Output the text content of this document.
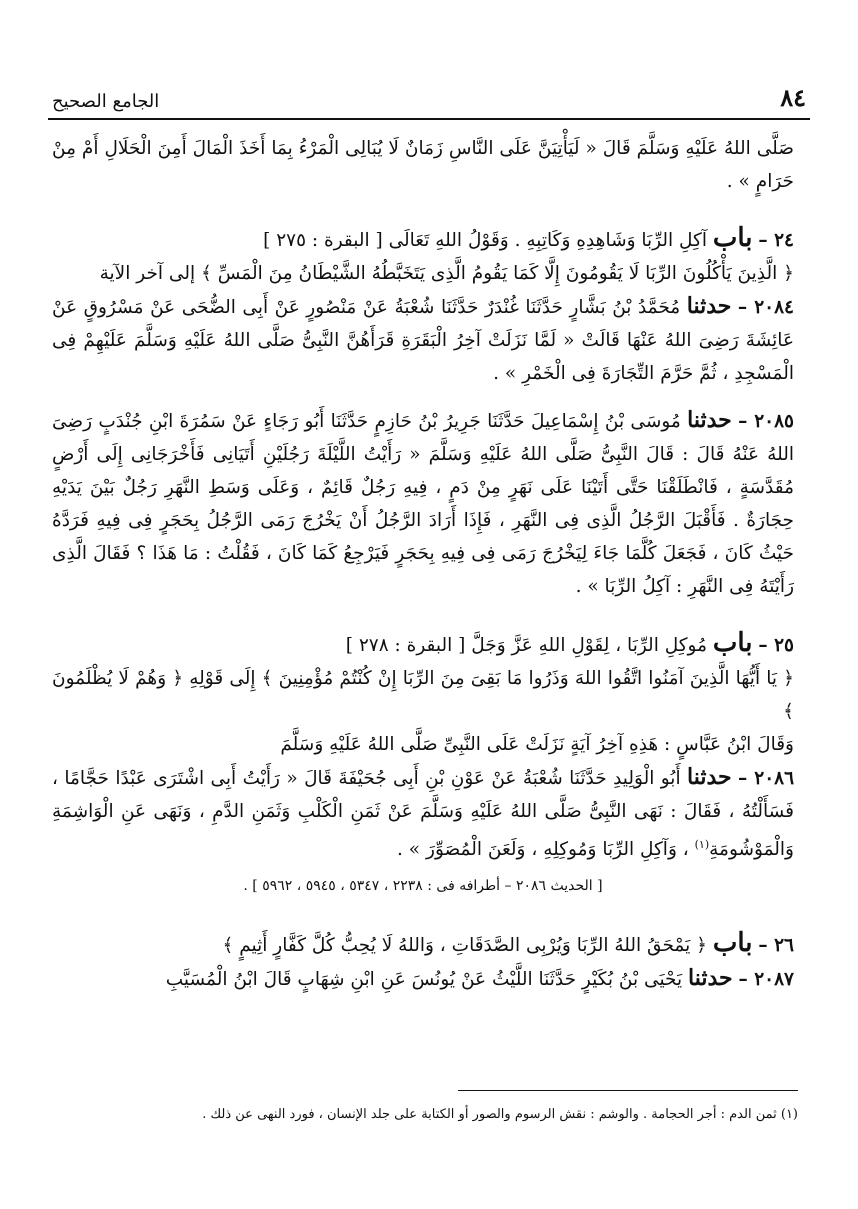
٨٤
الجامع الصحيح

صَلَّى اللهُ عَلَيْهِ وَسَلَّمَ قَالَ « لَيَأْتِيَنَّ عَلَى النَّاسِ زَمَانٌ لَا يُبَالِى الْمَرْءُ بِمَا أَخَذَ الْمَالَ أَمِنَ الْحَلَالِ أَمْ مِنْ حَرَامٍ » .

٢٤ – باب آكِلِ الرِّبَا وَشَاهِدِهِ وَكَاتِبِهِ . وَقَوْلُ اللهِ تَعَالَى [ البقرة : ٢٧٥ ]

﴿ الَّذِينَ يَأْكُلُونَ الرِّبَا لَا يَقُومُونَ إِلَّا كَمَا يَقُومُ الَّذِى يَتَخَبَّطُهُ الشَّيْطَانُ مِنَ الْمَسِّ ﴾ إلى آخر الآية

٢٠٨٤ – حدثنا مُحَمَّدُ بْنُ بَشَّارٍ حَدَّثَنَا غُنْدَرٌ حَدَّثَنَا شُعْبَةُ عَنْ مَنْصُورٍ عَنْ أَبِى الضُّحَى عَنْ مَسْرُوقٍ عَنْ عَائِشَةَ رَضِىَ اللهُ عَنْهَا قَالَتْ « لَمَّا نَزَلَتْ آخِرُ الْبَقَرَةِ قَرَأَهُنَّ النَّبِىُّ صَلَّى اللهُ عَلَيْهِ وَسَلَّمَ عَلَيْهِمْ فِى الْمَسْجِدِ ، ثُمَّ حَرَّمَ التِّجَارَةَ فِى الْخَمْرِ » .

٢٠٨٥ – حدثنا مُوسَى بْنُ إِسْمَاعِيلَ حَدَّثَنَا جَرِيرُ بْنُ حَازِمٍ حَدَّثَنَا أَبُو رَجَاءٍ عَنْ سَمُرَةَ ابْنِ جُنْدَبٍ رَضِىَ اللهُ عَنْهُ قَالَ : قَالَ النَّبِىُّ صَلَّى اللهُ عَلَيْهِ وَسَلَّمَ « رَأَيْتُ اللَّيْلَةَ رَجُلَيْنِ أَتَيَانِى فَأَخْرَجَانِى إِلَى أَرْضٍ مُقَدَّسَةٍ ، فَانْطَلَقْنَا حَتَّى أَتَيْنَا عَلَى نَهَرٍ مِنْ دَمٍ ، فِيهِ رَجُلٌ قَائِمٌ ، وَعَلَى وَسَطِ النَّهَرِ رَجُلٌ بَيْنَ يَدَيْهِ حِجَارَةٌ . فَأَقْبَلَ الرَّجُلُ الَّذِى فِى النَّهَرِ ، فَإِذَا أَرَادَ الرَّجُلُ أَنْ يَخْرُجَ رَمَى الرَّجُلُ بِحَجَرٍ فِى فِيهِ فَرَدَّهُ حَيْثُ كَانَ ، فَجَعَلَ كُلَّمَا جَاءَ لِيَخْرُجَ رَمَى فِى فِيهِ بِحَجَرٍ فَيَرْجِعُ كَمَا كَانَ ، فَقُلْتُ : مَا هَذَا ؟ فَقَالَ الَّذِى رَأَيْتَهُ فِى النَّهَرِ : آكِلُ الرِّبَا » .

٢٥ – باب مُوكِلِ الرِّبَا ، لِقَوْلِ اللهِ عَزَّ وَجَلَّ [ البقرة : ٢٧٨ ]

﴿ يَا أَيُّهَا الَّذِينَ آمَنُوا اتَّقُوا اللهَ وَذَرُوا مَا بَقِىَ مِنَ الرِّبَا إِنْ كُنْتُمْ مُؤْمِنِينَ ﴾ إِلَى قَوْلِهِ ﴿ وَهُمْ لَا يُظْلَمُونَ ﴾

وَقَالَ ابْنُ عَبَّاسٍ : هَذِهِ آخِرُ آيَةٍ نَزَلَتْ عَلَى النَّبِىِّ صَلَّى اللهُ عَلَيْهِ وَسَلَّمَ

٢٠٨٦ – حدثنا أَبُو الْوَلِيدِ حَدَّثَنَا شُعْبَةُ عَنْ عَوْنِ بْنِ أَبِى جُحَيْفَةَ قَالَ « رَأَيْتُ أَبِى اشْتَرَى عَبْدًا حَجَّامًا ، فَسَأَلْتُهُ ، فَقَالَ : نَهَى النَّبِىُّ صَلَّى اللهُ عَلَيْهِ وَسَلَّمَ عَنْ ثَمَنِ الْكَلْبِ وَثَمَنِ الدَّمِ ، وَنَهَى عَنِ الْوَاشِمَةِ وَالْمَوْشُومَةِ$^{(١)}$ ، وَآكِلِ الرِّبَا وَمُوكِلِهِ ، وَلَعَنَ الْمُصَوِّرَ » .

[ الحديث ٢٠٨٦ – أطرافه فى : ٢٢٣٨ ، ٥٣٤٧ ، ٥٩٤٥ ، ٥٩٦٢ ] .

٢٦ – باب ﴿ يَمْحَقُ اللهُ الرِّبَا وَيُرْبِى الصَّدَقَاتِ ، وَاللهُ لَا يُحِبُّ كُلَّ كَفَّارٍ أَثِيمٍ ﴾

٢٠٨٧ – حدثنا يَحْيَى بْنُ بُكَيْرٍ حَدَّثَنَا اللَّيْثُ عَنْ يُونُسَ عَنِ ابْنِ شِهَابٍ قَالَ ابْنُ الْمُسَيَّبِ

(١) ثمن الدم : أجر الحجامة . والوشم : نقش الرسوم والصور أو الكتابة على جلد الإنسان ، فورد النهى عن ذلك .
